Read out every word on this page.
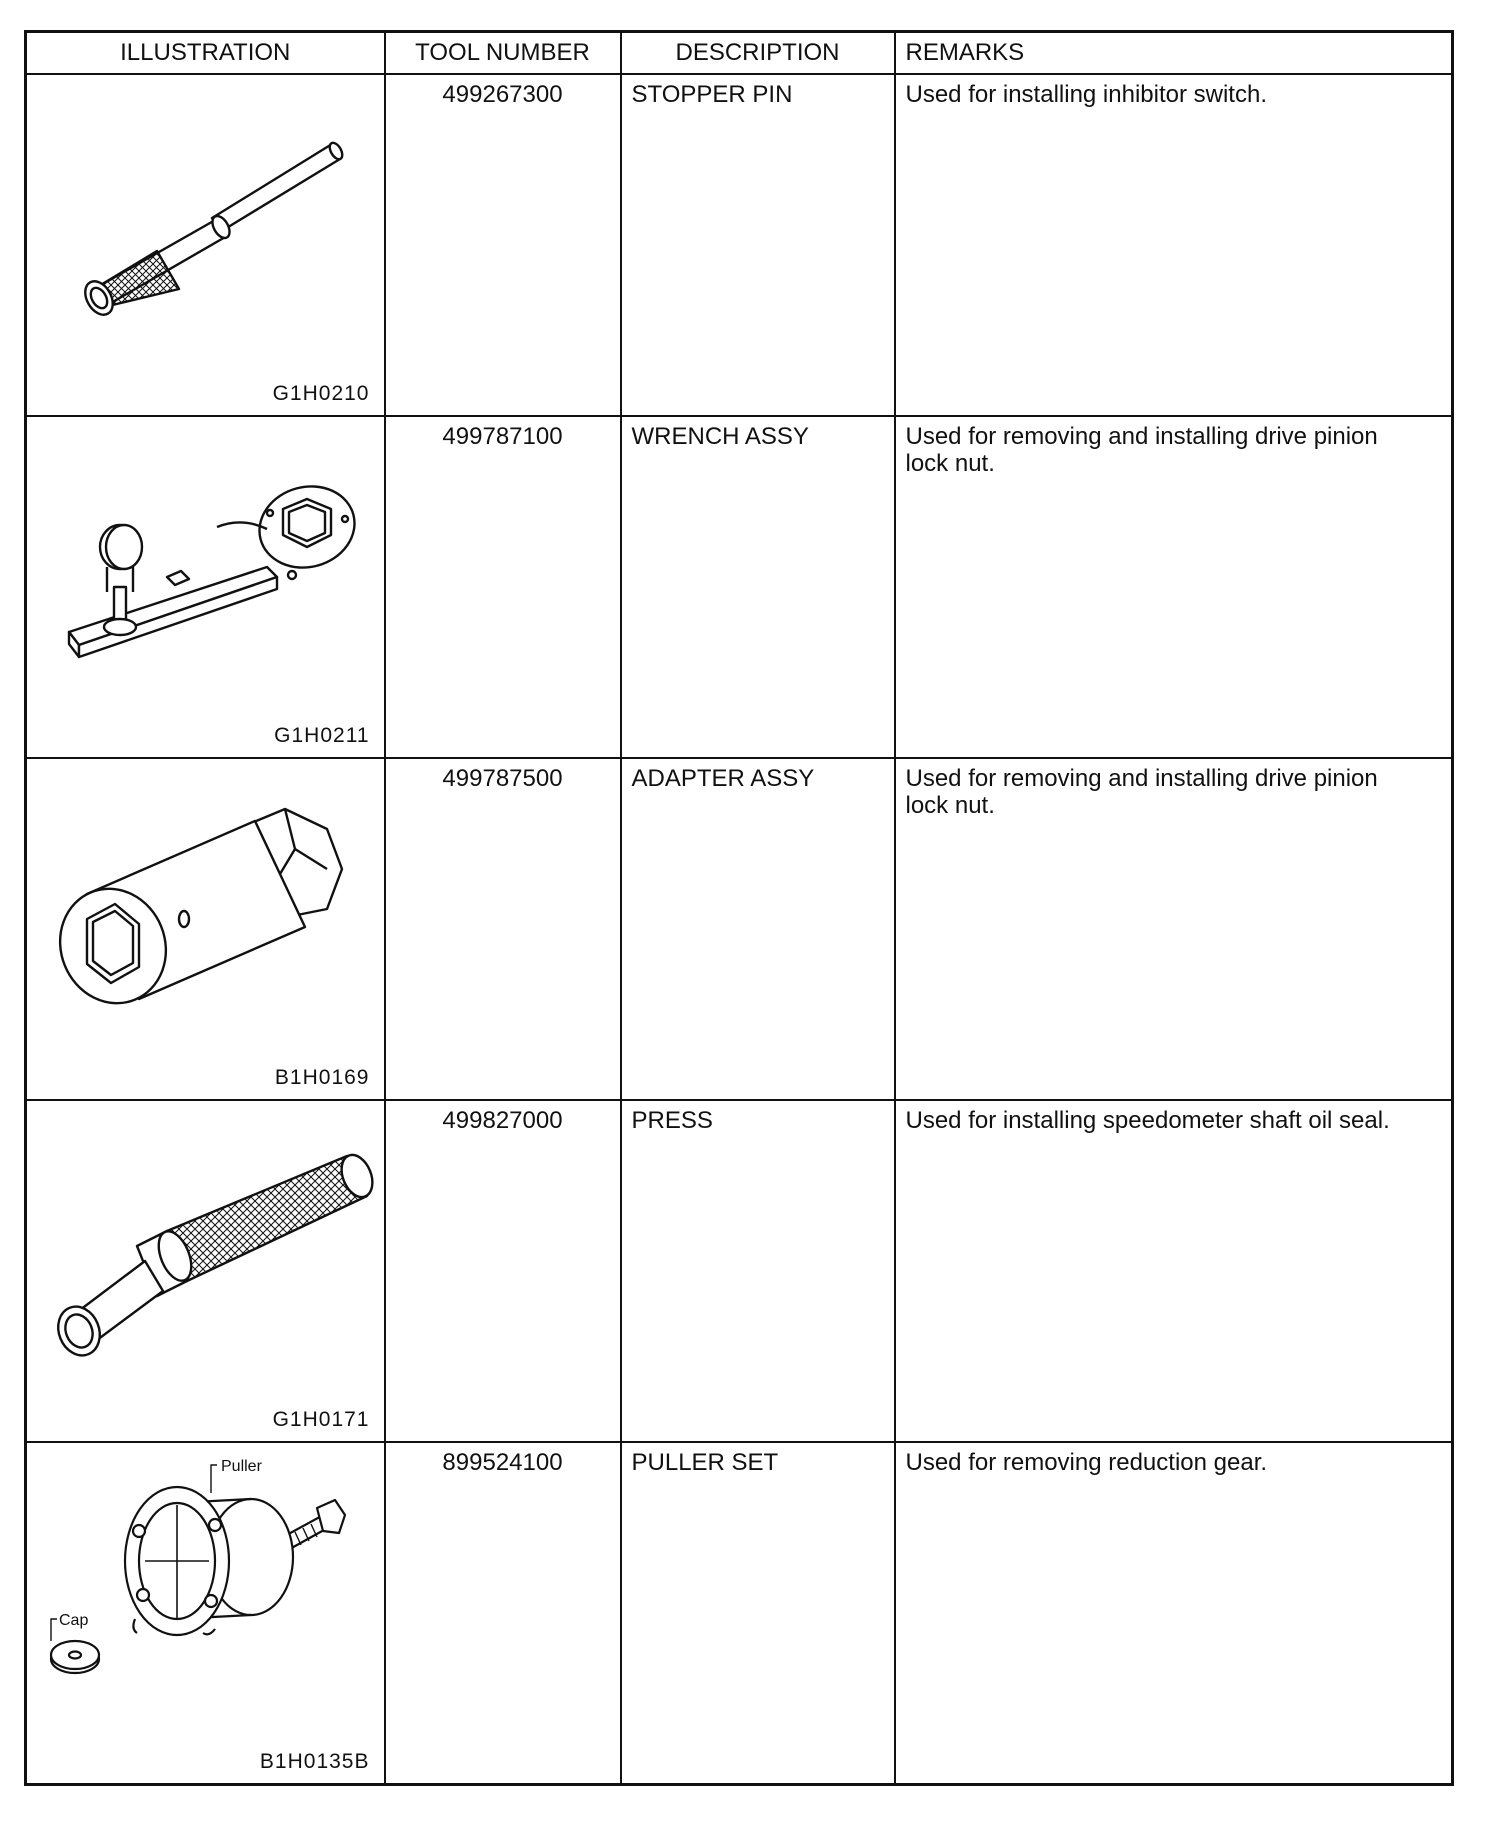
ILLUSTRATION	TOOL NUMBER	DESCRIPTION	REMARKS

G1H0210	499267300	STOPPER PIN	Used for installing inhibitor switch.

G1H0211	499787100	WRENCH ASSY	Used for removing and installing drive pinion lock nut.

B1H0169	499787500	ADAPTER ASSY	Used for removing and installing drive pinion lock nut.

G1H0171	499827000	PRESS	Used for installing speedometer shaft oil seal.

Puller
Cap
B1H0135B	899524100	PULLER SET	Used for removing reduction gear.
